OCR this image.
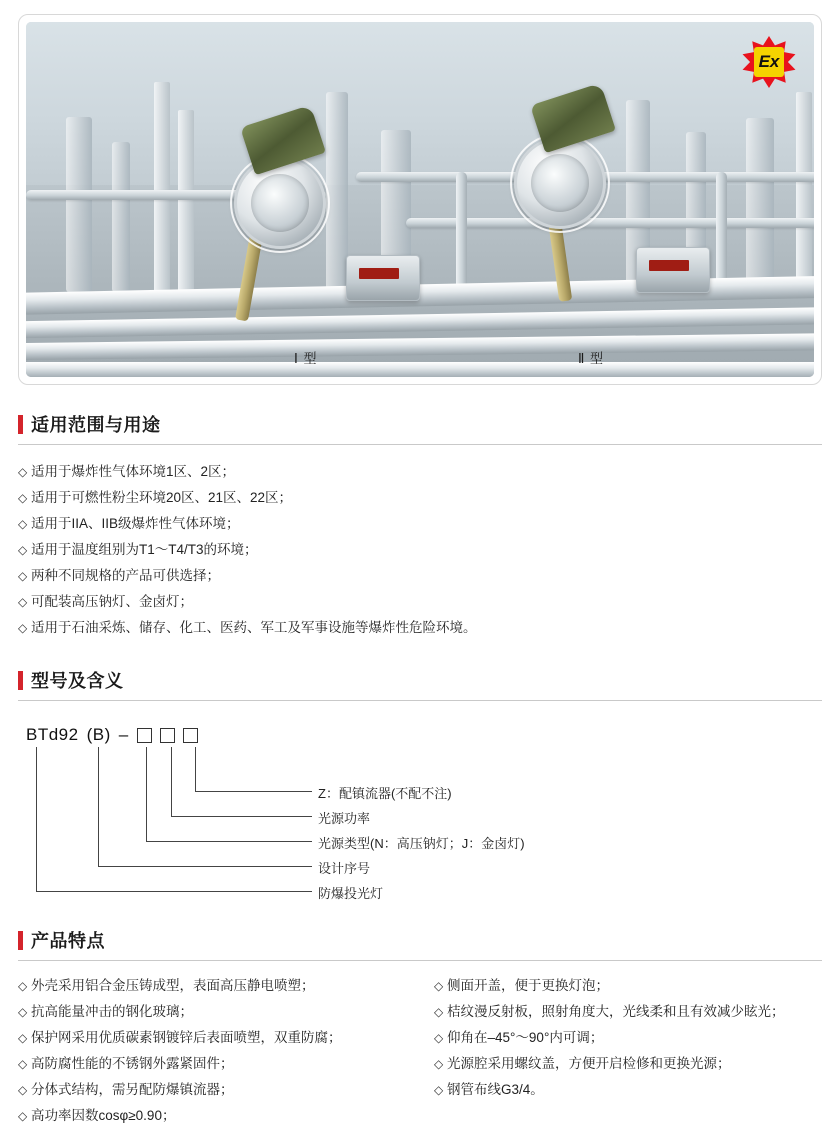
Ⅰ 型	Ⅱ 型
Ex
适用范围与用途
◇ 适用于爆炸性气体环境1区、2区；
◇ 适用于可燃性粉尘环境20区、21区、22区；
◇ 适用于IIA、IIB级爆炸性气体环境；
◇ 适用于温度组别为T1～T4/T3的环境；
◇ 两种不同规格的产品可供选择；
◇ 可配装高压钠灯、金卤灯；
◇ 适用于石油采炼、储存、化工、医药、军工及军事设施等爆炸性危险环境。
型号及含义
BTd92 (B) –
Z：配镇流器(不配不注)
光源功率
光源类型(N：高压钠灯；J：金卤灯)
设计序号
防爆投光灯
产品特点
◇ 外壳采用铝合金压铸成型，表面高压静电喷塑；
◇ 抗高能量冲击的钢化玻璃；
◇ 保护网采用优质碳素钢镀锌后表面喷塑，双重防腐；
◇ 高防腐性能的不锈钢外露紧固件；
◇ 分体式结构，需另配防爆镇流器；
◇ 高功率因数cosφ≥0.90；
◇ 侧面开盖，便于更换灯泡；
◇ 桔纹漫反射板，照射角度大，光线柔和且有效减少眩光；
◇ 仰角在–45°～90°内可调；
◇ 光源腔采用螺纹盖，方便开启检修和更换光源；
◇ 钢管布线G3/4。
